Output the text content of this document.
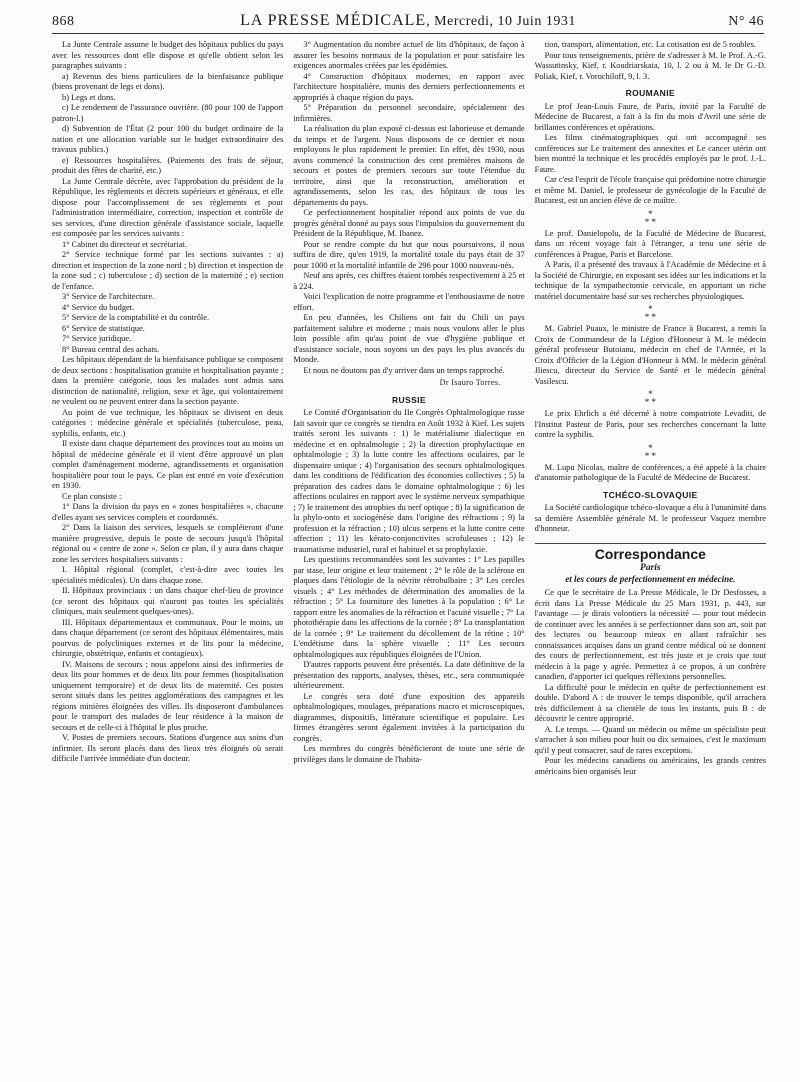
868	LA PRESSE MÉDICALE, Mercredi, 10 Juin 1931	N° 46

La Junte Centrale assume le budget des hôpitaux publics du pays avec les ressources dont elle dispose et qu'elle obtient selon les paragraphes suivants :

a) Revenus des biens particuliers de la bienfaisance publique (biens provenant de legs et dons).

b) Legs et dons.

c) Le rendement de l'assurance ouvrière. (80 pour 100 de l'apport patron-l.)

d) Subvention de l'État (2 pour 100 du budget ordinaire de la nation et une allocation variable sur le budget extraordinaire des travaux publics.)

e) Ressources hospitalières. (Paiements des frais de séjour, produit des fêtes de charité, etc.)

La Junte Centrale décrète, avec l'approbation du président de la République, les règlements et décrets supérieurs et généraux, et elle dispose pour l'accomplissement de ses règlements et pour l'administration intermédiaire, correction, inspection et contrôle de ses services, d'une direction générale d'assistance sociale, laquelle est composée par les services suivants :

1° Cabinet du directeur et secrétariat.

2° Service technique formé par les sections suivantes : a) direction et inspection de la zone nord ; b) direction et inspection de la zone sud ; c) tuberculose ; d) section de la maternité ; e) section de l'enfance.

3° Service de l'architecture.

4° Service du budget.

5° Service de la comptabilité et du contrôle.

6° Service de statistique.

7° Service juridique.

8° Bureau central des achats.

Les hôpitaux dépendant de la bienfaisance publique se composent de deux sections : hospitalisation gratuite et hospitalisation payante ; dans la première catégorie, tous les malades sont admis sans distinction de nationalité, religion, sexe et âge, qui volontairement ne veulent ou ne peuvent entrer dans la section payante.

Au point de vue technique, les hôpitaux se divisent en deux catégories : médecine générale et spécialités (tuberculose, peau, syphilis, enfants, etc.)

Il existe dans chaque département des provinces tout au moins un hôpital de médecine générale et il vient d'être approuvé un plan complet d'aménagement moderne, agrandissements et organisation hospitalière pour tout le pays. Ce plan est entré en voie d'exécution en 1930.

Ce plan consiste :

1° Dans la division du pays en « zones hospitalières », chacune d'elles ayant ses services complets et coordonnés.

2° Dans la liaison des services, lesquels se compléteront d'une manière progressive, depuis le poste de secours jusqu'à l'hôpital régional ou « centre de zone ». Selon ce plan, il y aura dans chaque zone les services hospitaliers suivants :

I. Hôpital régional (complet, c'est-à-dire avec toutes les spécialités médicales). Un dans chaque zone.

II. Hôpitaux provinciaux : un dans chaque chef-lieu de province (ce seront des hôpitaux qui n'auront pas toutes les spécialités cliniques, mais seulement quelques-unes).

III. Hôpitaux départementaux et communaux. Pour le moins, un dans chaque département (ce seront des hôpitaux élémentaires, mais pourvus de polycliniques externes et de lits pour la médecine, chirurgie, obstétrique, enfants et contagieux).

IV. Maisons de secours ; nous appelons ainsi des infirmeries de deux lits pour hommes et de deux lits pour femmes (hospitalisation uniquement temporaire) et de deux lits de maternité. Ces postes seront situés dans les petites agglomérations des campagnes et les régions minières éloignées des villes. Ils disposeront d'ambulances pour le transport des malades de leur résidence à la maison de secours et de celle-ci à l'hôpital le plus proche.

V. Postes de premiers secours. Stations d'urgence aux soins d'un infirmier. Ils seront placés dans des lieux très éloignés où serait difficile l'arrivée immédiate d'un docteur.

3° Augmentation du nombre actuel de lits d'hôpitaux, de façon à assurer les besoins normaux de la population et pour satisfaire les exigences anormales créées par les épidémies.

4° Construction d'hôpitaux modernes, en rapport avec l'architecture hospitalière, munis des derniers perfectionnements et appropriés à chaque région du pays.

5° Préparation du personnel secondaire, spécialement des infirmières.

La réalisation du plan exposé ci-dessus est laborieuse et demande du temps et de l'argent. Nous disposons de ce dernier et nous employons le plus rapidement le premier. En effet, dès 1930, nous avons commencé la construction des cent premières maisons de secours et postes de premiers secours sur toute l'étendue du territoire, ainsi que la reconstruction, amélioration et agrandissements, selon les cas, des hôpitaux de tous les départements du pays.

Ce perfectionnement hospitalier répond aux points de vue du progrès général donné au pays sous l'impulsion du gouvernement du Président de la République, M. Ibanez.

Pour se rendre compte du but que nous poursuivons, il nous suffira de dire, qu'en 1919, la mortalité totale du pays était de 37 pour 1000 et la mortalité infantile de 296 pour 1000 nouveau-nés.

Neuf ans après, ces chiffres étaient tombés respectivement à 25 et à 224.

Voici l'explication de notre programme et l'enthousiasme de notre effort.

En peu d'années, les Chiliens ont fait du Chili un pays parfaitement salubre et moderne ; mais nous voulons aller le plus loin possible afin qu'au point de vue d'hygiène publique et d'assistance sociale, nous soyons un des pays les plus avancés du Monde.

Et nous ne doutons pas d'y arriver dans un temps rapproché.

Dr Isauro Torres.
RUSSIE

Le Comité d'Organisation du IIe Congrès Ophtalmologique russe fait savoir que ce congrès se tiendra en Août 1932 à Kief. Les sujets traités seront les suivants : 1) le matérialisme dialectique en médecine et en ophtalmologie ; 2) la direction prophylactique en ophtalmologie ; 3) la lutte contre les affections oculaires, par le dispensaire unique ; 4) l'organisation des secours ophtalmologiques dans les conditions de l'édification des économies collectives ; 5) la préparation des cadres dans le domaine ophtalmologique ; 6) les affections oculaires en rapport avec le système nerveux sympathique ; 7) le traitement des atrophies du nerf optique ; 8) la signification de la phylo-onto et sociogénèse dans l'origine des réfractions ; 9) la profession et la réfraction ; 10) ulcus serpens et la lutte contre cette affection ; 11) les kérato-conjonctivites scrofuleuses ; 12) le traumatisme industriel, rural et habituel et sa prophylaxie.

Les questions recommandées sont les suivantes : 1° Les papilles par stase, leur origine et leur traitement ; 2° le rôle de la sclérose en plaques dans l'étiologie de la névrite rétrobulbaire ; 3° Les cercles visuels ; 4° Les méthodes de détermination des anomalies de la réfraction ; 5° La fourniture des lunettes à la population ; 6° Le rapport entre les anomalies de la réfraction et l'acuité visuelle ; 7° La photothérapie dans les affections de la cornée ; 8° La transplantation de la cornée ; 9° Le traitement du décollement de la rétine ; 10° L'endétisme dans la sphère visuelle ; 11° Les secours ophtalmologiques aux républiques éloignées de l'Union.

D'autres rapports peuvent être présentés. La date définitive de la présentation des rapports, analyses, thèses, etc., sera communiquée ultérieurement.

Le congrès sera doté d'une exposition des appareils ophtalmologiques, moulages, préparations macro et microscopiques, diagrammes, dispositifs, littérature scientifique et populaire. Les firmes étrangères seront également invitées à la participation du congrès.

Les membres du congrès bénéficieront de toute une série de privilèges dans le domaine de l'habita-

tion, transport, alimentation, etc. La cotisation est de 5 roubles.

Pour tous renseignements, prière de s'adresser à M. le Prof. A.-G. Wassutinsky, Kief, r. Koudriarskaia, 10, l. 2 ou à M. le Dr G.-D. Poliak, Kief, r. Vorochiloff, 9, l. 3.

ROUMANIE

Le prof Jean-Louis Faure, de Paris, invité par la Faculté de Médecine de Bucarest, a fait à la fin du mois d'Avril une série de brillantes conférences et opérations.

Les films cinématographiques qui ont accompagné ses conférences sur Le traitement des annexites et Le cancer utérin ont bien montré la technique et les procédés employés par le prof. J.-L. Faure.

Car c'est l'esprit de l'école française qui prédomine notre chirurgie et même M. Daniel, le professeur de gynécologie de la Faculté de Bucarest, est un ancien élève de ce maître.

*
* *

Le prof. Danielopolu, de la Faculté de Médecine de Bucarest, dans un récent voyage fait à l'étranger, a tenu une série de conférences à Prague, Paris et Barcelone.

A Paris, il a présenté des travaux à l'Académie de Médecine et à la Société de Chirurgie, en exposant ses idées sur les indications et la technique de la sympathectomie cervicale, en apportant un riche matériel documentaire basé sur ses recherches physiologiques.

*
* *

M. Gabriel Puaux, le ministre de France à Bucarest, a remis la Croix de Commandeur de la Légion d'Honneur à M. le médecin général professeur Butoianu, médecin en chef de l'Armée, et la Croix d'Officier de la Légion d'Honneur à MM. le médecin général Jliescu, directeur du Service de Santé et le médecin général Vasilescu.

*
* *

Le prix Ehrlich a été décerné à notre compatriote Levaditi, de l'Institut Pasteur de Paris, pour ses recherches concernant la lutte contre la syphilis.

*
* *

M. Lupu Nicolas, maître de conférences, a été appelé à la chaire d'anatomie pathologique de la Faculté de Médecine de Bucarest.

TCHÉCO-SLOVAQUIE

La Société cardiologique tchéco-slovaque a élu à l'unanimité dans sa dernière Assemblée générale M. le professeur Vaquez membre d'honneur.

Correspondance
Paris
et les cours de perfectionnement en médecine.

Ce que le secrétaire de La Presse Médicale, le Dr Desfosses, a écrit dans La Presse Médicale du 25 Mars 1931, p. 443, sur l'avantage — je dirais volontiers la nécessité — pour tout médecin de continuer avec les années à se perfectionner dans son art, soit par des lectures ou beaucoup mieux en allant rafraîchir ses connaissances acquises dans un grand centre médical où se donnent des cours de perfectionnement, est très juste et je crois que tout médecin à la page y agrée. Permettez à ce propos, à un confrère canadien, d'apporter ici quelques réflexions personnelles.

La difficulté pour le médecin en quête de perfectionnement est double. D'abord A : de trouver le temps disponible, qu'il arrachera très difficilement à sa clientèle de tous les instants, puis B : de découvrir le centre approprié.

A. Le temps. — Quand un médecin ou même un spécialiste peut s'arracher à son milieu pour huit ou dix semaines, c'est le maximum qu'il y peut consacrer, sauf de rares exceptions.

Pour les médecins canadiens ou américains, les grands centres américains bien organisés leur
